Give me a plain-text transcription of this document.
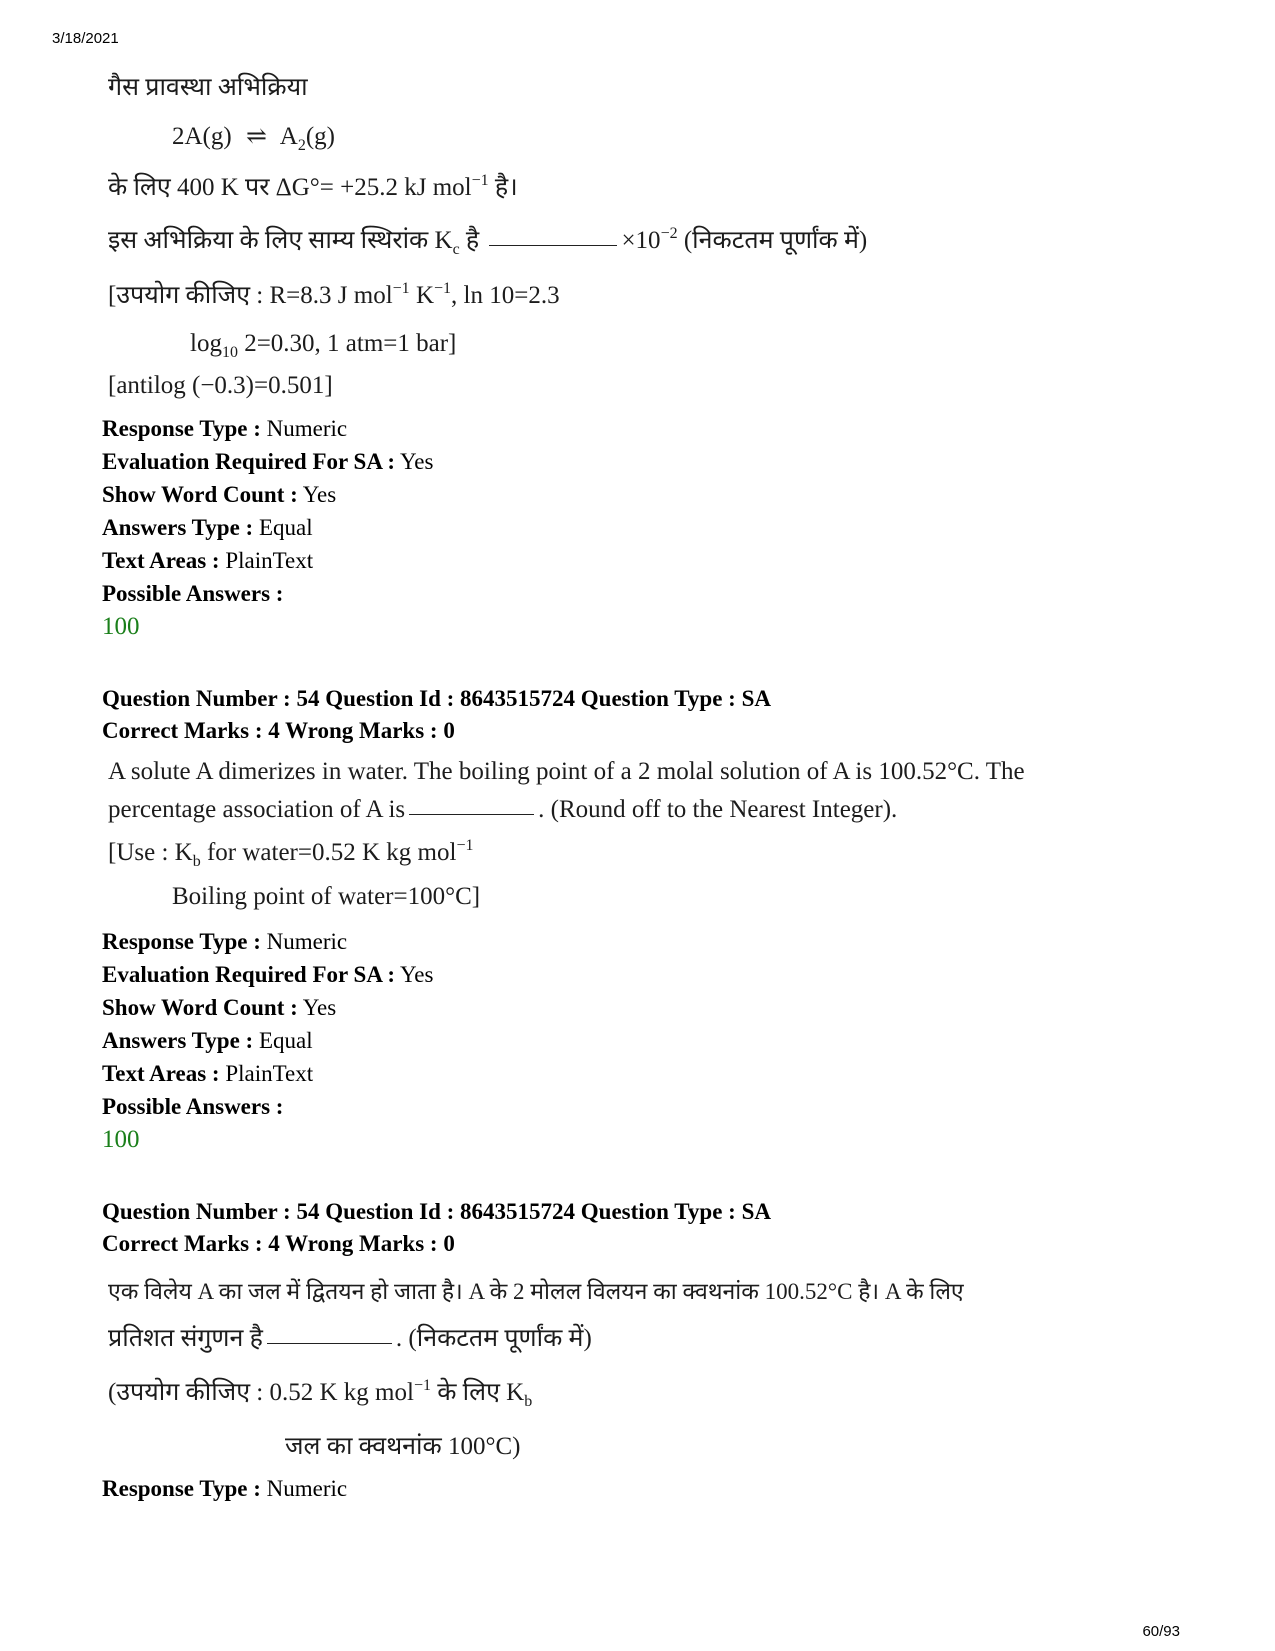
3/18/2021
गैस प्रावस्था अभिक्रिया
2A(g) ⇌ $A_2(g)$
के लिए 400 K पर ΔG°= +25.2 kJ mol$^{-1}$ है।
इस अभिक्रिया के लिए साम्य स्थिरांक $K_c$ है	$\times 10^{-2}$ (निकटतम पूर्णांक में)
[उपयोग कीजिए : R=8.3 J mol$^{-1}$ $K^{-1}$, ln 10=2.3
$\log_{10} 2=0.30$, 1 atm=1 bar]
[antilog (−0.3)=0.501]
Response Type : Numeric
Evaluation Required For SA : Yes
Show Word Count : Yes
Answers Type : Equal
Text Areas : PlainText
Possible Answers :
100
Question Number : 54 Question Id : 8643515724 Question Type : SA
Correct Marks : 4 Wrong Marks : 0
A solute A dimerizes in water. The boiling point of a 2 molal solution of A is 100.52°C. The
percentage association of A is	. (Round off to the Nearest Integer).
[Use : $K_b$ for water=0.52 K kg mol$^{-1}$
Boiling point of water=100°C]
Response Type : Numeric
Evaluation Required For SA : Yes
Show Word Count : Yes
Answers Type : Equal
Text Areas : PlainText
Possible Answers :
100
Question Number : 54 Question Id : 8643515724 Question Type : SA
Correct Marks : 4 Wrong Marks : 0
एक विलेय A का जल में द्वितयन हो जाता है। A के 2 मोलल विलयन का क्वथनांक 100.52°C है। A के लिए
प्रतिशत संगुणन है	. (निकटतम पूर्णांक में)
(उपयोग कीजिए : 0.52 K kg mol$^{-1}$ के लिए $K_b$
जल का क्वथनांक 100°C)
Response Type : Numeric
60/93
